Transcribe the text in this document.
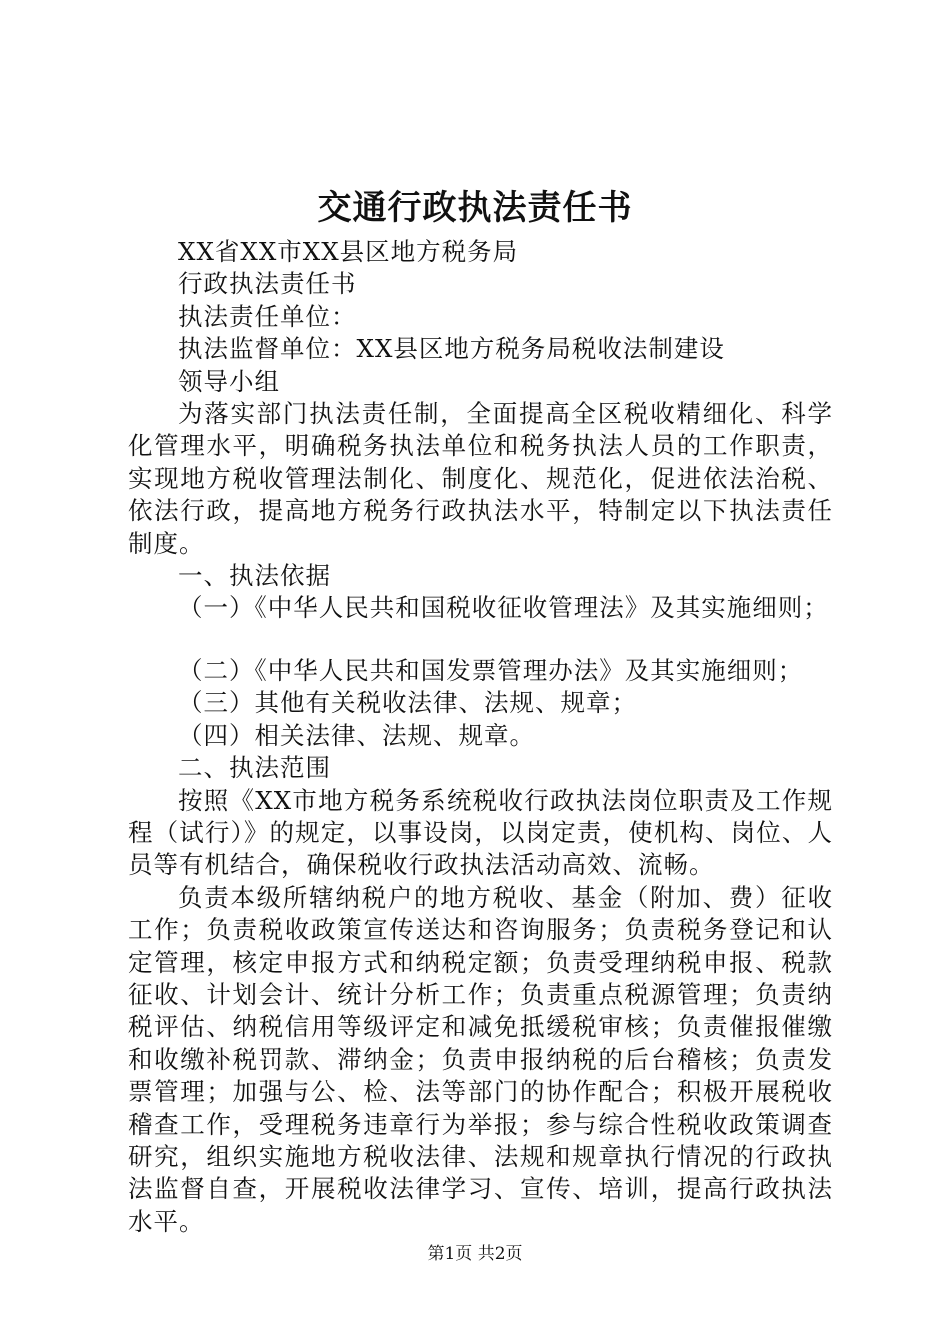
交通行政执法责任书

XX省XX市XX县区地方税务局

行政执法责任书

执法责任单位：

执法监督单位：XX县区地方税务局税收法制建设

领导小组

为落实部门执法责任制，全面提高全区税收精细化、科学化管理水平，明确税务执法单位和税务执法人员的工作职责，实现地方税收管理法制化、制度化、规范化，促进依法治税、依法行政，提高地方税务行政执法水平，特制定以下执法责任制度。

一、执法依据

（一）《中华人民共和国税收征收管理法》及其实施细则；

（二）《中华人民共和国发票管理办法》及其实施细则；

（三）其他有关税收法律、法规、规章；

（四）相关法律、法规、规章。

二、执法范围

按照《XX市地方税务系统税收行政执法岗位职责及工作规程（试行）》的规定，以事设岗，以岗定责，使机构、岗位、人员等有机结合，确保税收行政执法活动高效、流畅。

负责本级所辖纳税户的地方税收、基金（附加、费）征收工作；负责税收政策宣传送达和咨询服务；负责税务登记和认定管理，核定申报方式和纳税定额；负责受理纳税申报、税款征收、计划会计、统计分析工作；负责重点税源管理；负责纳税评估、纳税信用等级评定和减免抵缓税审核；负责催报催缴和收缴补税罚款、滞纳金；负责申报纳税的后台稽核；负责发票管理；加强与公、检、法等部门的协作配合；积极开展税收稽查工作，受理税务违章行为举报；参与综合性税收政策调查研究，组织实施地方税收法律、法规和规章执行情况的行政执法监督自查，开展税收法律学习、宣传、培训，提高行政执法水平。

第1页 共2页
